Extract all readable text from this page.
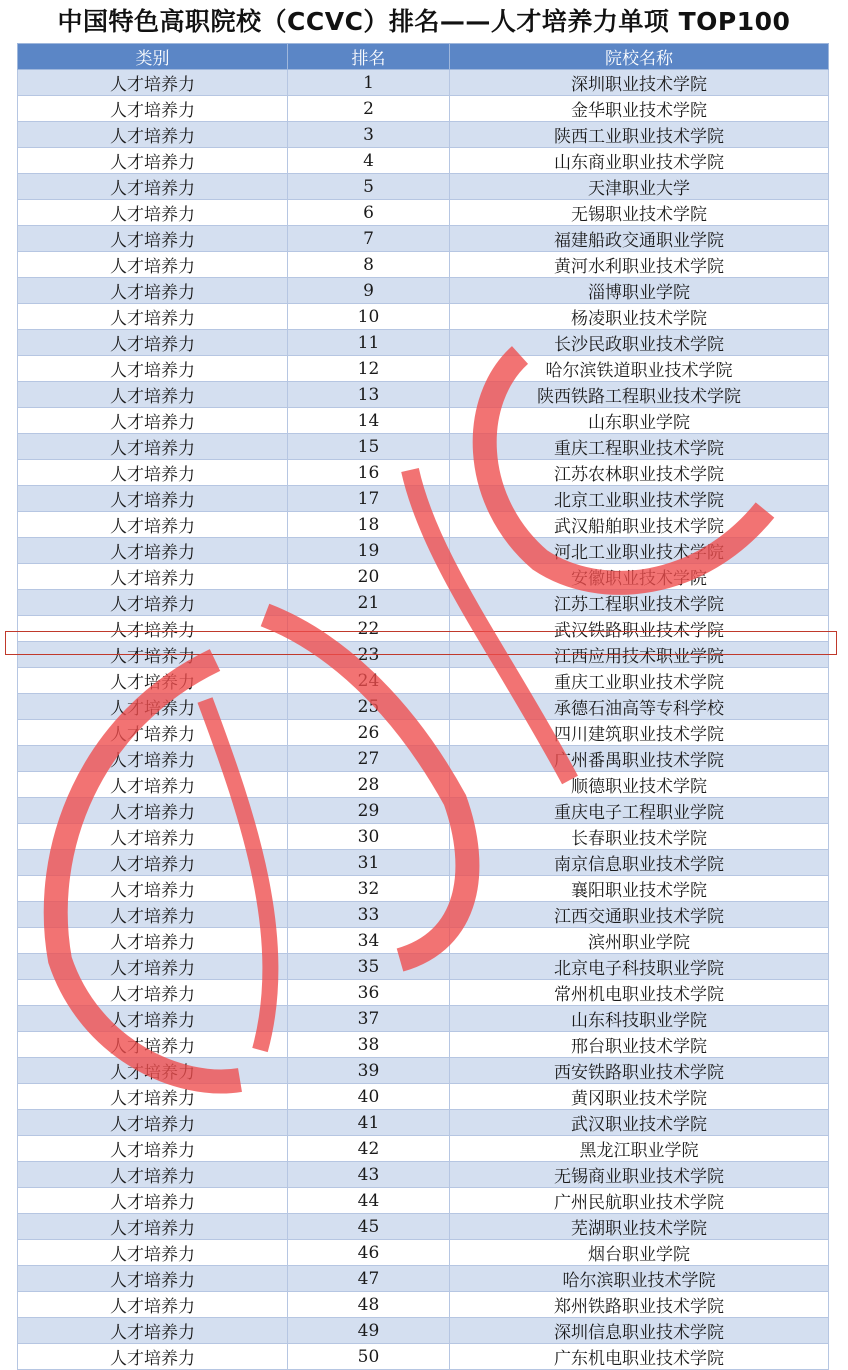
中国特色高职院校（CCVC）排名——人才培养力单项 TOP100
类别	排名	院校名称
人才培养力	1	深圳职业技术学院
人才培养力	2	金华职业技术学院
人才培养力	3	陕西工业职业技术学院
人才培养力	4	山东商业职业技术学院
人才培养力	5	天津职业大学
人才培养力	6	无锡职业技术学院
人才培养力	7	福建船政交通职业学院
人才培养力	8	黄河水利职业技术学院
人才培养力	9	淄博职业学院
人才培养力	10	杨凌职业技术学院
人才培养力	11	长沙民政职业技术学院
人才培养力	12	哈尔滨铁道职业技术学院
人才培养力	13	陕西铁路工程职业技术学院
人才培养力	14	山东职业学院
人才培养力	15	重庆工程职业技术学院
人才培养力	16	江苏农林职业技术学院
人才培养力	17	北京工业职业技术学院
人才培养力	18	武汉船舶职业技术学院
人才培养力	19	河北工业职业技术学院
人才培养力	20	安徽职业技术学院
人才培养力	21	江苏工程职业技术学院
人才培养力	22	武汉铁路职业技术学院
人才培养力	23	江西应用技术职业学院
人才培养力	24	重庆工业职业技术学院
人才培养力	25	承德石油高等专科学校
人才培养力	26	四川建筑职业技术学院
人才培养力	27	广州番禺职业技术学院
人才培养力	28	顺德职业技术学院
人才培养力	29	重庆电子工程职业学院
人才培养力	30	长春职业技术学院
人才培养力	31	南京信息职业技术学院
人才培养力	32	襄阳职业技术学院
人才培养力	33	江西交通职业技术学院
人才培养力	34	滨州职业学院
人才培养力	35	北京电子科技职业学院
人才培养力	36	常州机电职业技术学院
人才培养力	37	山东科技职业学院
人才培养力	38	邢台职业技术学院
人才培养力	39	西安铁路职业技术学院
人才培养力	40	黄冈职业技术学院
人才培养力	41	武汉职业技术学院
人才培养力	42	黑龙江职业学院
人才培养力	43	无锡商业职业技术学院
人才培养力	44	广州民航职业技术学院
人才培养力	45	芜湖职业技术学院
人才培养力	46	烟台职业学院
人才培养力	47	哈尔滨职业技术学院
人才培养力	48	郑州铁路职业技术学院
人才培养力	49	深圳信息职业技术学院
人才培养力	50	广东机电职业技术学院
